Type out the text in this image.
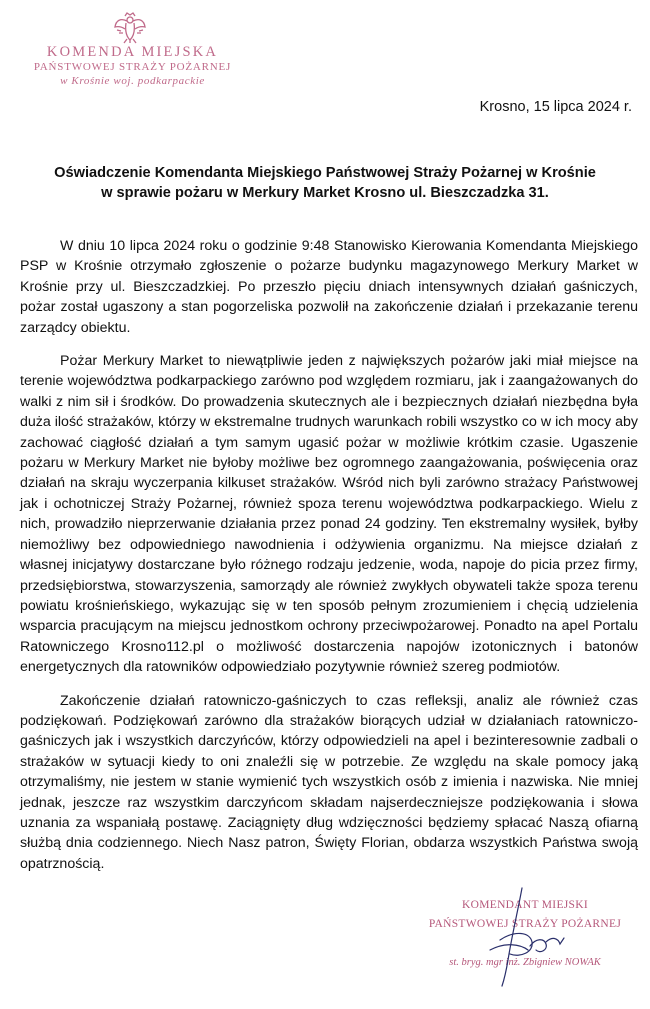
KOMENDA MIEJSKA
PAŃSTWOWEJ STRAŻY POŻARNEJ
w Krośnie woj. podkarpackie
Krosno, 15 lipca 2024 r.
Oświadczenie Komendanta Miejskiego Państwowej Straży Pożarnej w Krośnie
w sprawie pożaru w Merkury Market Krosno ul. Bieszczadzka 31.

W dniu 10 lipca 2024 roku o godzinie 9:48 Stanowisko Kierowania Komendanta Miejskiego PSP w Krośnie otrzymało zgłoszenie o pożarze budynku magazynowego Merkury Market w Krośnie przy ul. Bieszczadzkiej. Po przeszło pięciu dniach intensywnych działań gaśniczych, pożar został ugaszony a stan pogorzeliska pozwolił na zakończenie działań i przekazanie terenu zarządcy obiektu.

Pożar Merkury Market to niewątpliwie jeden z największych pożarów jaki miał miejsce na terenie województwa podkarpackiego zarówno pod względem rozmiaru, jak i zaangażowanych do walki z nim sił i środków. Do prowadzenia skutecznych ale i bezpiecznych działań niezbędna była duża ilość strażaków, którzy w ekstremalne trudnych warunkach robili wszystko co w ich mocy aby zachować ciągłość działań a tym samym ugasić pożar w możliwie krótkim czasie. Ugaszenie pożaru w Merkury Market nie byłoby możliwe bez ogromnego zaangażowania, poświęcenia oraz działań na skraju wyczerpania kilkuset strażaków. Wśród nich byli zarówno strażacy Państwowej jak i ochotniczej Straży Pożarnej, również spoza terenu województwa podkarpackiego. Wielu z nich, prowadziło nieprzerwanie działania przez ponad 24 godziny. Ten ekstremalny wysiłek, byłby niemożliwy bez odpowiedniego nawodnienia i odżywienia organizmu. Na miejsce działań z własnej inicjatywy dostarczane było różnego rodzaju jedzenie, woda, napoje do picia przez firmy, przedsiębiorstwa, stowarzyszenia, samorządy ale również zwykłych obywateli także spoza terenu powiatu krośnieńskiego, wykazując się w ten sposób pełnym zrozumieniem i chęcią udzielenia wsparcia pracującym na miejscu jednostkom ochrony przeciwpożarowej. Ponadto na apel Portalu Ratowniczego Krosno112.pl o możliwość dostarczenia napojów izotonicznych i batonów energetycznych dla ratowników odpowiedziało pozytywnie również szereg podmiotów.

Zakończenie działań ratowniczo-gaśniczych to czas refleksji, analiz ale również czas podziękowań. Podziękowań zarówno dla strażaków biorących udział w działaniach ratowniczo-gaśniczych jak i wszystkich darczyńców, którzy odpowiedzieli na apel i bezinteresownie zadbali o strażaków w sytuacji kiedy to oni znaleźli się w potrzebie. Ze względu na skale pomocy jaką otrzymaliśmy, nie jestem w stanie wymienić tych wszystkich osób z imienia i nazwiska. Nie mniej jednak, jeszcze raz wszystkim darczyńcom składam najserdeczniejsze podziękowania i słowa uznania za wspaniałą postawę. Zaciągnięty dług wdzięczności będziemy spłacać Naszą ofiarną służbą dnia codziennego. Niech Nasz patron, Święty Florian, obdarza wszystkich Państwa swoją opatrznością.

KOMENDANT MIEJSKI
PAŃSTWOWEJ STRAŻY POŻARNEJ
st. bryg. mgr inż. Zbigniew NOWAK
